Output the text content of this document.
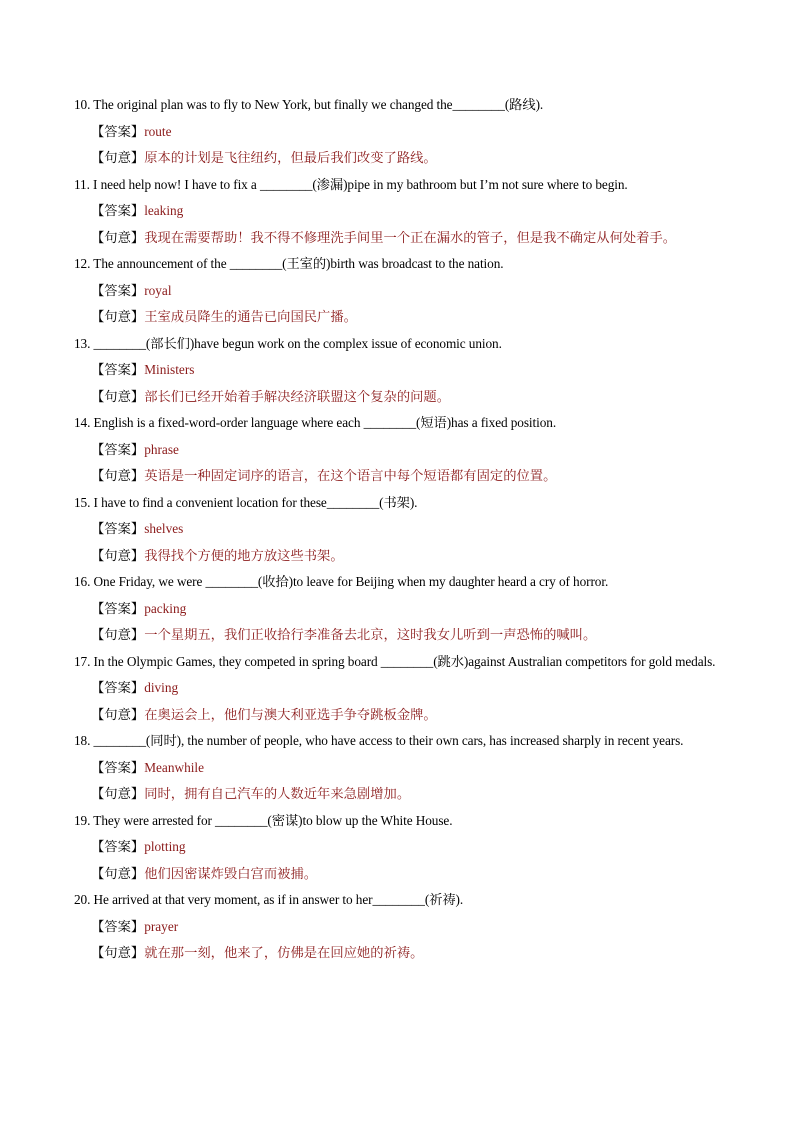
10. The original plan was to fly to New York, but finally we changed the________(路线).
【答案】route
【句意】原本的计划是飞往纽约，但最后我们改变了路线。
11. I need help now! I have to fix a ________(渗漏)pipe in my bathroom but I’m not sure where to begin.
【答案】leaking
【句意】我现在需要帮助！我不得不修理洗手间里一个正在漏水的管子，但是我不确定从何处着手。
12. The announcement of the ________(王室的)birth was broadcast to the nation.
【答案】royal
【句意】王室成员降生的通告已向国民广播。
13. ________(部长们)have begun work on the complex issue of economic union.
【答案】Ministers
【句意】部长们已经开始着手解决经济联盟这个复杂的问题。
14. English is a fixed-word-order language where each ________(短语)has a fixed position.
【答案】phrase
【句意】英语是一种固定词序的语言，在这个语言中每个短语都有固定的位置。
15. I have to find a convenient location for these________(书架).
【答案】shelves
【句意】我得找个方便的地方放这些书架。
16. One Friday, we were ________(收拾)to leave for Beijing when my daughter heard a cry of horror.
【答案】packing
【句意】一个星期五，我们正收拾行李准备去北京，这时我女儿听到一声恐怖的喊叫。
17. In the Olympic Games, they competed in spring board ________(跳水)against Australian competitors for gold medals.
【答案】diving
【句意】在奥运会上，他们与澳大利亚选手争夺跳板金牌。
18. ________(同时), the number of people, who have access to their own cars, has increased sharply in recent years.
【答案】Meanwhile
【句意】同时，拥有自己汽车的人数近年来急剧增加。
19. They were arrested for ________(密谋)to blow up the White House.
【答案】plotting
【句意】他们因密谋炸毁白宫而被捕。
20. He arrived at that very moment, as if in answer to her________(祈祷).
【答案】prayer
【句意】就在那一刻，他来了，仿佛是在回应她的祈祷。
